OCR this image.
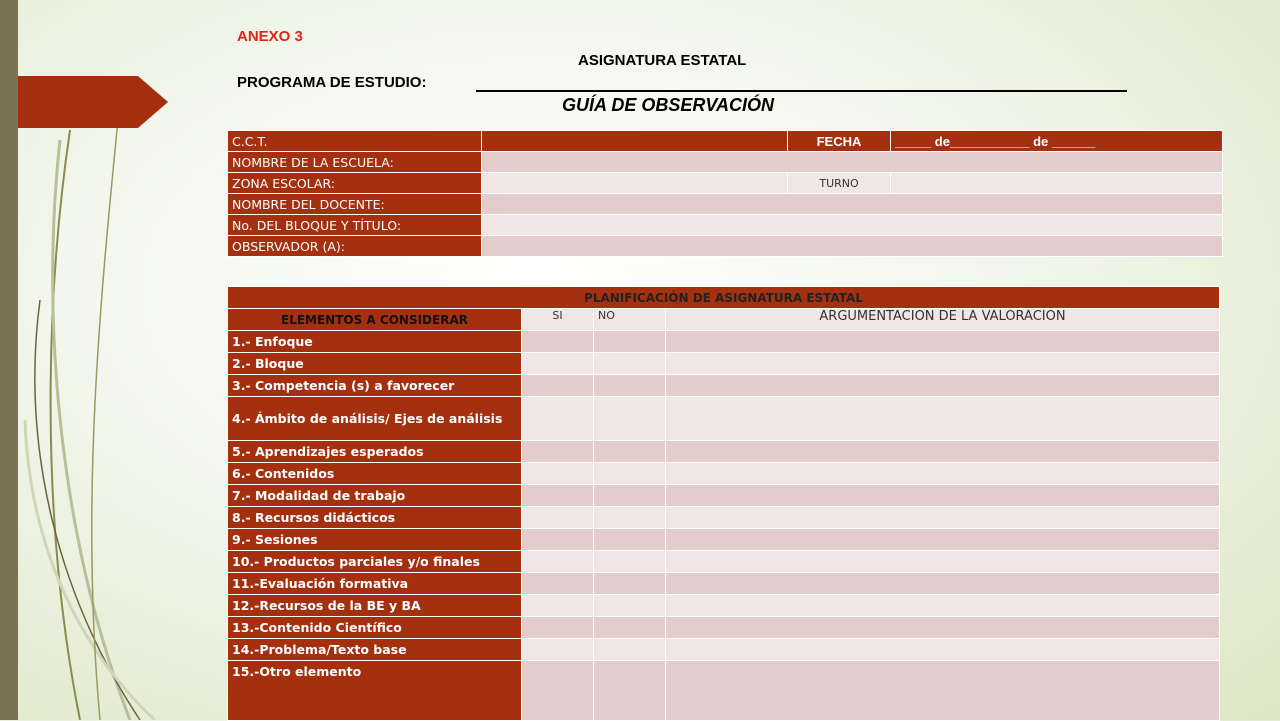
ANEXO 3
ASIGNATURA ESTATAL
PROGRAMA DE ESTUDIO:
GUÍA DE OBSERVACIÓN
C.C.T.		FECHA	_____ de___________ de ______
NOMBRE DE LA ESCUELA:			
ZONA ESCOLAR:		TURNO	
NOMBRE DEL DOCENTE:			
No. DEL BLOQUE Y TÍTULO:			
OBSERVADOR (A):			
PLANIFICACIÓN DE ASIGNATURA ESTATAL			
ELEMENTOS A CONSIDERAR	SI	NO	ARGUMENTACIÓN DE LA VALORACIÓN
1.- Enfoque			
2.- Bloque			
3.- Competencia (s) a favorecer			
4.- Ámbito de análisis/ Ejes de análisis			
5.- Aprendizajes esperados			
6.- Contenidos			
7.- Modalidad de trabajo			
8.- Recursos didácticos			
9.- Sesiones			
10.- Productos parciales y/o finales			
11.-Evaluación formativa			
12.-Recursos de la BE y BA			
13.-Contenido Científico			
14.-Problema/Texto base			
15.-Otro elemento			
